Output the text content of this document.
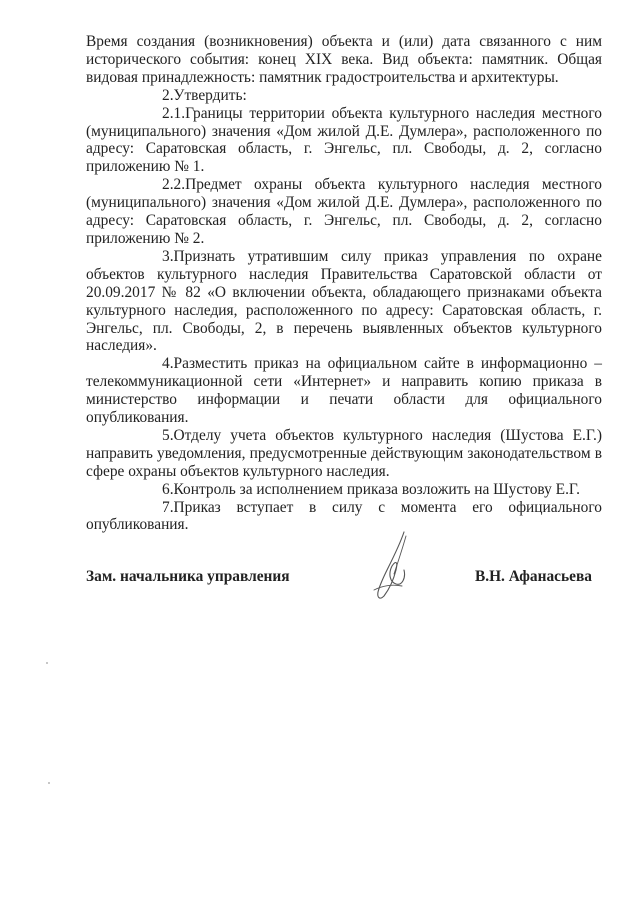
Время создания (возникновения) объекта и (или) дата связанного с ним исторического события: конец XIX века. Вид объекта: памятник. Общая видовая принадлежность: памятник градостроительства и архитектуры.

2.Утвердить:

2.1.Границы территории объекта культурного наследия местного (муниципального) значения «Дом жилой Д.Е. Думлера», расположенного по адресу: Саратовская область, г. Энгельс, пл. Свободы, д. 2, согласно приложению № 1.

2.2.Предмет охраны объекта культурного наследия местного (муниципального) значения «Дом жилой Д.Е. Думлера», расположенного по адресу: Саратовская область, г. Энгельс, пл. Свободы, д. 2, согласно приложению № 2.

3.Признать утратившим силу приказ управления по охране объектов культурного наследия Правительства Саратовской области от 20.09.2017 № 82 «О включении объекта, обладающего признаками объекта культурного наследия, расположенного по адресу: Саратовская область, г. Энгельс, пл. Свободы, 2, в перечень выявленных объектов культурного наследия».

4.Разместить приказ на официальном сайте в информационно – телекоммуникационной сети «Интернет» и направить копию приказа в министерство информации и печати области для официального опубликования.

5.Отделу учета объектов культурного наследия (Шустова Е.Г.) направить уведомления, предусмотренные действующим законодательством в сфере охраны объектов культурного наследия.

6.Контроль за исполнением приказа возложить на Шустову Е.Г.

7.Приказ вступает в силу с момента его официального опубликования.

Зам. начальника управления	В.Н. Афанасьева
